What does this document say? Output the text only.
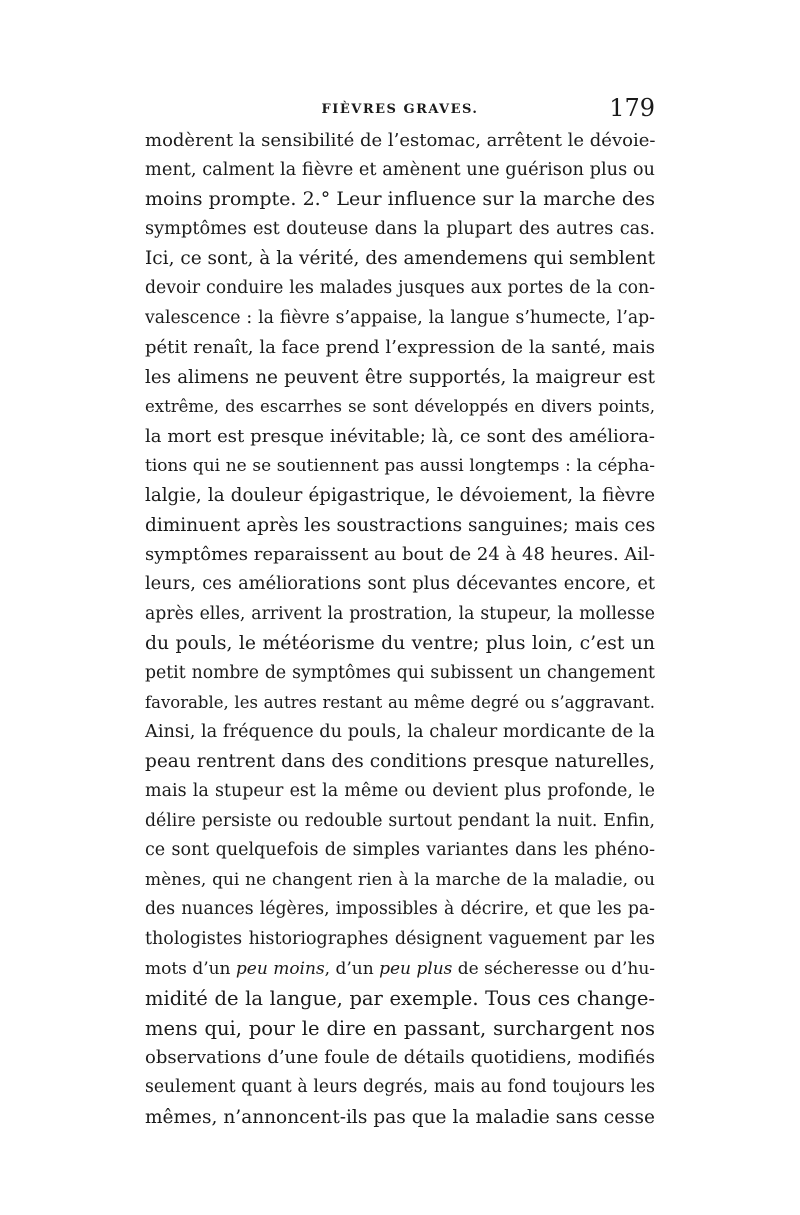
FIÈVRES GRAVES.	179
modèrent la sensibilité de l’estomac, arrêtent le dévoie-
ment, calment la fièvre et amènent une guérison plus ou
moins prompte. 2.° Leur influence sur la marche des
symptômes est douteuse dans la plupart des autres cas.
Ici, ce sont, à la vérité, des amendemens qui semblent
devoir conduire les malades jusques aux portes de la con-
valescence : la fièvre s’appaise, la langue s’humecte, l’ap-
pétit renaît, la face prend l’expression de la santé, mais
les alimens ne peuvent être supportés, la maigreur est
extrême, des escarrhes se sont développés en divers points,
la mort est presque inévitable; là, ce sont des améliora-
tions qui ne se soutiennent pas aussi longtemps : la cépha-
lalgie, la douleur épigastrique, le dévoiement, la fièvre
diminuent après les soustractions sanguines; mais ces
symptômes reparaissent au bout de 24 à 48 heures. Ail-
leurs, ces améliorations sont plus décevantes encore, et
après elles, arrivent la prostration, la stupeur, la mollesse
du pouls, le météorisme du ventre; plus loin, c’est un
petit nombre de symptômes qui subissent un changement
favorable, les autres restant au même degré ou s’aggravant.
Ainsi, la fréquence du pouls, la chaleur mordicante de la
peau rentrent dans des conditions presque naturelles,
mais la stupeur est la même ou devient plus profonde, le
délire persiste ou redouble surtout pendant la nuit. Enfin,
ce sont quelquefois de simples variantes dans les phéno-
mènes, qui ne changent rien à la marche de la maladie, ou
des nuances légères, impossibles à décrire, et que les pa-
thologistes historiographes désignent vaguement par les
mots d’un peu moins, d’un peu plus de sécheresse ou d’hu-
midité de la langue, par exemple. Tous ces change-
mens qui, pour le dire en passant, surchargent nos
observations d’une foule de détails quotidiens, modifiés
seulement quant à leurs degrés, mais au fond toujours les
mêmes, n’annoncent-ils pas que la maladie sans cesse
